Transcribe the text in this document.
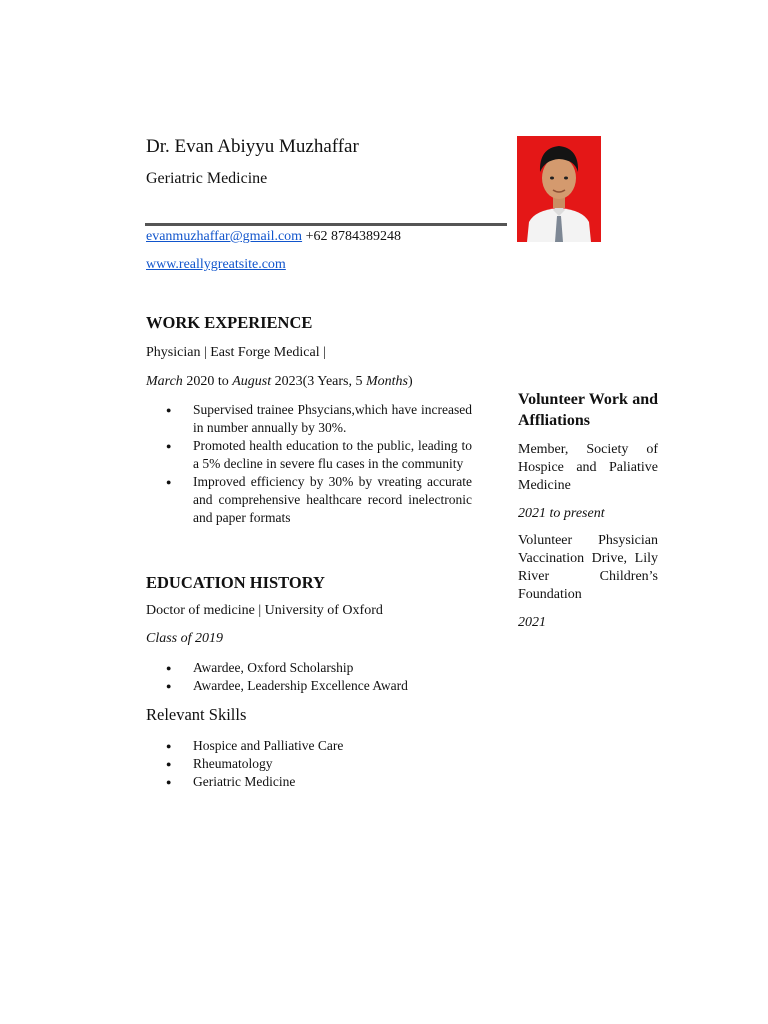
Dr. Evan Abiyyu Muzhaffar
Geriatric Medicine
evanmuzhaffar@gmail.com +62 8784389248
www.reallygreatsite.com
WORK EXPERIENCE
Physician | East Forge Medical |
March 2020 to August 2023(3 Years, 5 Months)
● Supervised trainee Phsycians,which have increased in number annually by 30%.
● Promoted health education to the public, leading to a 5% decline in severe flu cases in the community
● Improved efficiency by 30% by vreating accurate and comprehensive healthcare record inelectronic and paper formats
EDUCATION HISTORY
Doctor of medicine | University of Oxford
Class of 2019
● Awardee, Oxford Scholarship
● Awardee, Leadership Excellence Award
Relevant Skills
● Hospice and Palliative Care
● Rheumatology
● Geriatric Medicine
Volunteer Work and Affliations
Member, Society of Hospice and Paliative Medicine
2021 to present
Volunteer Phsysician Vaccination Drive, Lily River Children’s Foundation
2021
